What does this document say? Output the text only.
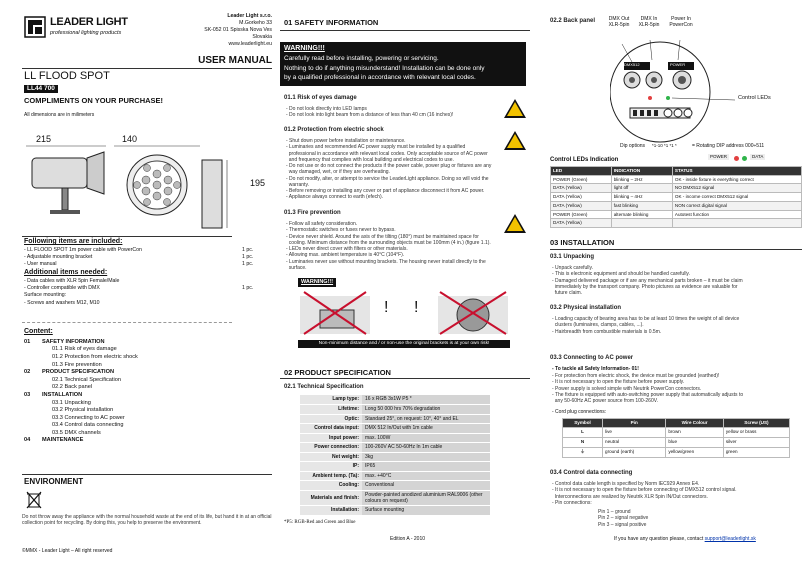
LEADER LIGHT
professional lighting products
Leader Light s.r.o.
M.Gorkeho 33
SK-052 01 Spisska Nova Ves
Slovakia
www.leaderlight.eu
USER MANUAL
LL FLOOD SPOT
LL44 700
COMPLIMENTS ON YOUR PURCHASE!
All dimensions are in milimeters
215	140
195
Following items are included:
- LL FLOOD SPOT 1m power cable with PowerCon	1 pc.
- Adjustable mounting bracket	1 pc.
- User manual	1 pc.
Additional items needed:
- Data cables with XLR 5pin Female/Male
- Controller compatible with DMX	1 pc.
Surface mounting:
- Screws and washers M12, M10
Content:
01 SAFETY INFORMATION
01.1 Risk of eyes damage
01.2 Protection from electric shock
01.3 Fire prevention
02 PRODUCT SPECIFICATION
02.1 Technical Specification
02.2 Back panel
03 INSTALLATION
03.1 Unpacking
03.2 Physical installation
03.3 Connecting to AC power
03.4 Control data connecting
03.5 DMX channels
04 MAINTENANCE
ENVIRONMENT
Do not throw away the appliance with the normal household waste at the end of its life, but hand it in at an official collection point for recycling. By doing this, you help to preserve the environment.
©MMX - Leader Light – All right reserved
01 SAFETY INFORMATION
WARNING!!!
Carefully read before installing, powering or servicing.
Nothing to do if anything misunderstand! Installation can be done only
by a qualified professional in accordance with relevant local codes.
01.1 Risk of eyes damage
- Do not look directly into LED lamps
- Do not look into light beam from a distance of less than 40 cm (16 inches)!
01.2 Protection from electric shock
- Shut down power before installation or maintenance.
- Luminaries and recommended AC power supply must be installed by a qualified
professional in accordance with relevant local codes. Only acceptable source of AC power
and frequency that complies with local building and electrical codes to use.
- Do not use or do not connect the products if the power cable, power plug or fixtures are any
way damaged, wet, or if they are overheating.
- Do not modify, alter, or attempt to service the LeaderLight appliance. Doing so will void the
warranty.
- Before removing or installing any cover or part of appliance disconnect it from AC power.
- Appliance always connect to earth (efech).
01.3 Fire prevention
- Follow all safety consideration.
- Thermostatic switches or fuses never to bypass.
- Device never shield. Around the axis of the tilting (180°) must be maintained space for
cooling. Minimum distance from the surrounding objects must be 100mm (4 in.) (figure 1.1).
- LEDs never direct cover with filters or other materials.
- Allowing max. ambient temperature is 40°C (104°F).
- Luminaries never use without mounting brackets. The housing never install directly to the
surface.
WARNING!!!
! !
Non-minimum distance and / or non-use the original brackets is at your own risk!
02 PRODUCT SPECIFICATION
02.1 Technical Specification
Lamp type:	16 x RGB 3x1W P5 *
Lifetime:	Long 50 000 hrs 70% degradation
Optic:	Standard 25°, on request: 10°, 40° and EL
Control data input:	DMX 512 In/Out with 1m cable
Input power:	max. 100W
Power connection:	100-260V AC 50-60Hz In 1m cable
Net weight:	3kg
IP:	IP65
Ambient temp. (Ta):	max. +40°C
Cooling:	Conventional
Materials and finish:	Powder-painted anodized aluminium RAL9006 (other colours on request)
Installation:	Surface mounting
*P5: RGB-Red and Green and Blue
Edition A - 2010
02.2 Back panel	DMX Out XLR-5pin
DMX In XLR-5pin
Power In PowerCon
DMX512	POWER
Control LEDs
Dip options *1-10 *1 *1 *	= Rotating DIP address 000÷511
Control LEDs Indication
POWER	DATA
LED	INDICATION	STATUS
POWER (Green)	blinking – 2Hz	OK - inside fixture is everything correct
DATA (Yellow)	light off	NO DMX512 signal
DATA (Yellow)	blinking – 4Hz	OK - income correct DMX512 signal
DATA (Yellow)	fast blinking	NON correct digital signal
POWER (Green)	alternate blinking	Autotest function
DATA (Yellow)		
03 INSTALLATION
03.1 Unpacking
- Unpack carefully.
- This is electronic equipment and should be handled carefully.
- Damaged delivered package or if are any mechanical parts broken – it must be claim
immediately by the transport company. Photo pictures as evidence are valuable for
future claim.
03.2 Physical installation
- Loading capacity of bearing area has to be at least 10 times the weight of all device
clusters (luminaires, clamps, cables, ...).
- Hairbreadth from combustible materials is 0.5m.
03.3 Connecting to AC power
- To tackle all Safety Information- 01!
- For protection from electric shock, the device must be grounded (earthed)!
- It is not necessary to open the fixture before power supply.
- Power supply is solved simple with Neutrik PowerCon connectors.
- The fixture is equipped with auto-switching power supply that automatically adjusts to
any 50-60Hz AC power source from 100-260V.
- Cord plug connections:
Symbol	Pin	Wire Colour	Screw (US)
L	live	brown	yellow or brass
N	neutral	blue	silver
⏚	ground (earth)	yellow/green	green
03.4 Control data connecting
- Control data cable length is specified by Norm IEC929 Annex E4.
- It is not necessary to open the fixture before connecting of DMX512 control signal.
Interconnections are realized by Neutrik XLR 5pin IN/Out connectors.
- Pin connections:
Pin 1 – ground
Pin 2 – signal negative
Pin 3 – signal positive
If you have any question please, contact support@leaderlight.sk
